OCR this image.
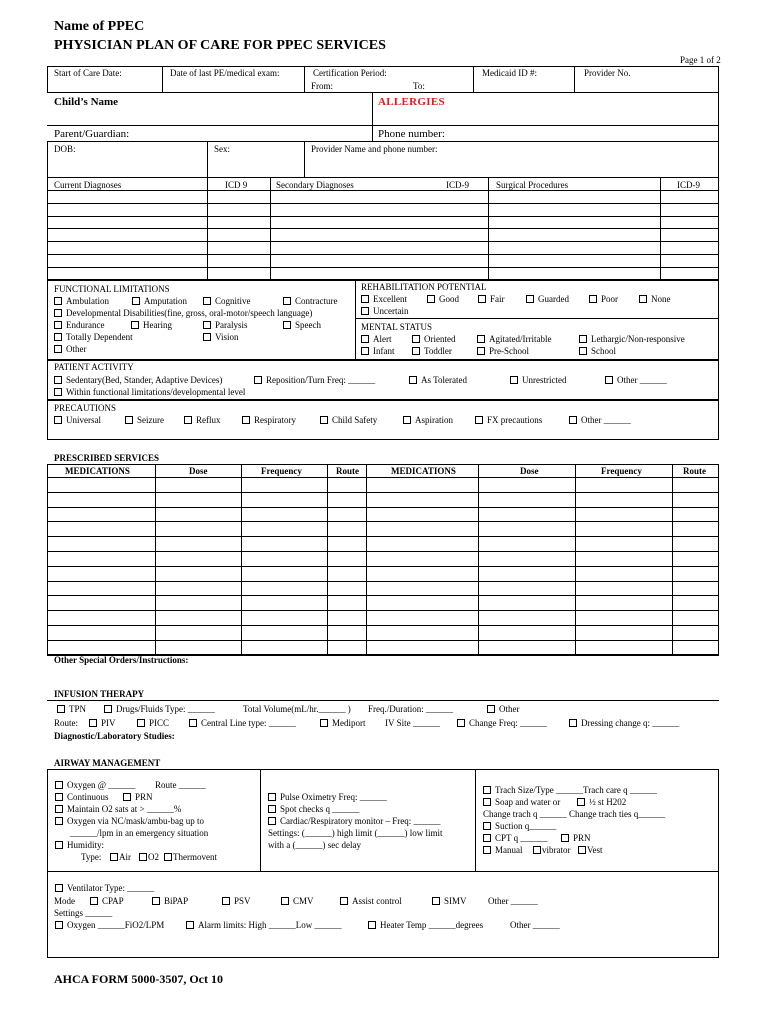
Name of PPEC
PHYSICIAN PLAN OF CARE FOR PPEC SERVICES
Page 1 of 2
Start of Care Date:	Date of last PE/medical exam:	Certification Period:
From:	To:
Medicaid ID #:	Provider No.
Child’s Name	ALLERGIES
Parent/Guardian:	Phone number:
DOB:	Sex:	Provider Name and phone number:
Current Diagnoses	ICD 9	Secondary Diagnoses	ICD-9	Surgical Procedures	ICD-9
FUNCTIONAL LIMITATIONS
Ambulation	Amputation	Cognitive	Contracture
Developmental Disabilities(fine, gross, oral-motor/speech language)
Endurance	Hearing	Paralysis	Speech
Totally Dependent	Vision
Other
REHABILITATION POTENTIAL
Excellent	Good	Fair	Guarded	Poor	None
Uncertain
MENTAL STATUS
Alert	Oriented	Agitated/Irritable	Lethargic/Non-responsive
Infant	Toddler	Pre-School	School
PATIENT ACTIVITY
Sedentary(Bed, Stander, Adaptive Devices)	Reposition/Turn Freq: ______	As Tolerated	Unrestricted	Other ______
Within functional limitations/developmental level
PRECAUTIONS
Universal	Seizure	Reflux	Respiratory	Child Safety	Aspiration	FX precautions	Other ______
PRESCRIBED SERVICES
MEDICATIONS	Dose	Frequency	Route	MEDICATIONS	Dose	Frequency	Route
Other Special Orders/Instructions:
INFUSION THERAPY
TPN	Drugs/Fluids Type: ______	Total Volume(mL/hr.______ ) Freq./Duration: ______	Other
Route:	PIV	PICC	Central Line type: ______	Mediport IV Site ______	Change Freq: ______	Dressing change q: ______
Diagnostic/Laboratory Studies:
AIRWAY MANAGEMENT
Oxygen @ ______ Route ______
Continuous	PRN
Maintain O2 sats at > ______%
Oxygen via NC/mask/ambu-bag up to
______/lpm in an emergency situation
Humidity:
Type:	Air	O2	Thermovent
Pulse Oximetry Freq: ______
Spot checks q ______
Cardiac/Respiratory monitor – Freq: ______
Settings: (______) high limit (______) low limit
with a (______) sec delay
Trach Size/Type ______Trach care q ______
Soap and water or	½ st H202
Change trach q ______ Change trach ties q______
Suction q______
CPT q ______	PRN
Manual	vibrator	Vest
Ventilator Type: ______
Mode	CPAP	BiPAP	PSV	CMV	Assist control	SIMV Other ______
Settings ______
Oxygen ______FiO2/LPM	Alarm limits: High ______Low ______	Heater Temp ______degrees	Other ______
AHCA FORM 5000-3507, Oct 10
